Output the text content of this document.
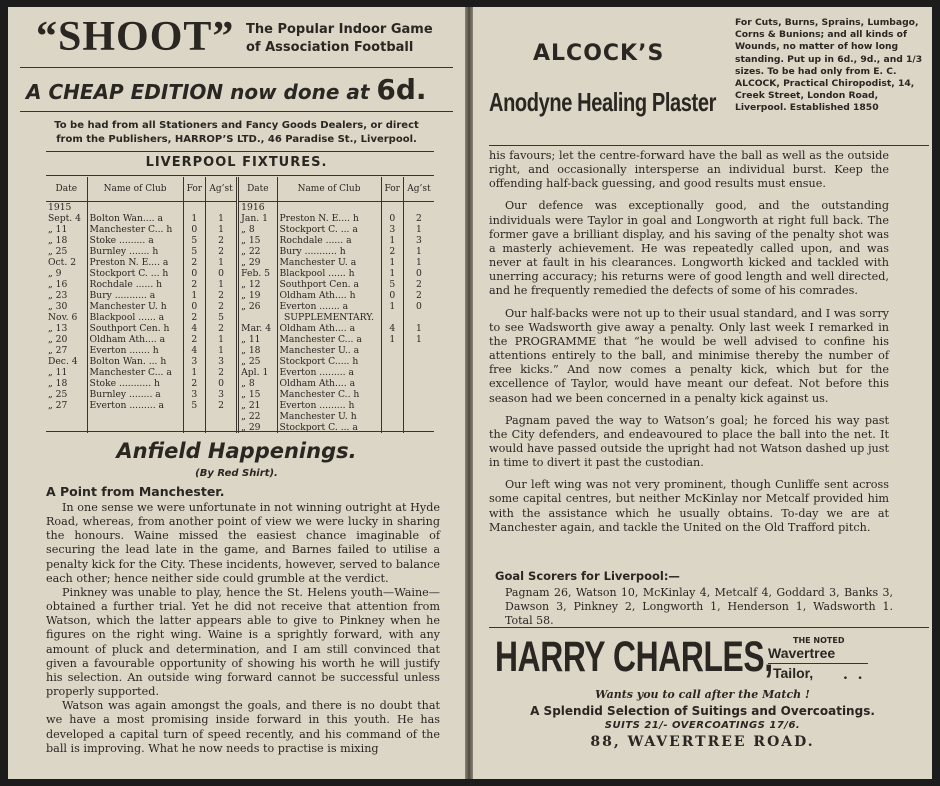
“SHOOT” The Popular Indoor Game
of Association Football
A CHEAP EDITION now done at 6d.
To be had from all Stationers and Fancy Goods Dealers, or direct
from the Publishers, HARROP’S LTD., 46 Paradise St., Liverpool.
LIVERPOOL FIXTURES.
Date	Name of Club	For	Ag’st	Date	Name of Club	For	Ag’st
1915				1916			
Sept. 4	Bolton Wan.... a	1	1	Jan. 1	Preston N. E.... h	0	2
„ 11	Manchester C... h	0	1	„ 8	Stockport C. ... a	3	1
„ 18	Stoke ......... a	5	2	„ 15	Rochdale ...... a	1	3
„ 25	Burnley ....... h	5	2	„ 22	Bury ........... h	2	1
Oct. 2	Preston N. E.... a	2	1	„ 29	Manchester U. a	1	1
„ 9	Stockport C. ... h	0	0	Feb. 5	Blackpool ...... h	1	0
„ 16	Rochdale ...... h	2	1	„ 12	Southport Cen. a	5	2
„ 23	Bury ........... a	1	2	„ 19	Oldham Ath.... h	0	2
„ 30	Manchester U. h	0	2	„ 26	Everton ....... a	1	0
Nov. 6	Blackpool ...... a	2	5		SUPPLEMENTARY.		
„ 13	Southport Cen. h	4	2	Mar. 4	Oldham Ath.... a	4	1
„ 20	Oldham Ath.... a	2	1	„ 11	Manchester C... a	1	1
„ 27	Everton ....... h	4	1	„ 18	Manchester U.. a		
Dec. 4	Bolton Wan. ... h	3	3	„ 25	Stockport C..... h		
„ 11	Manchester C... a	1	2	Apl. 1	Everton ......... a		
„ 18	Stoke ........... h	2	0	„ 8	Oldham Ath.... a		
„ 25	Burnley ........ a	3	3	„ 15	Manchester C.. h		
„ 27	Everton ......... a	5	2	„ 21	Everton ......... h		
				„ 22	Manchester U. h		
				„ 29	Stockport C. ... a		
Anfield Happenings.
(By Red Shirt).
A Point from Manchester.

In one sense we were unfortunate in not winning outright at Hyde Road, whereas, from another point of view we were lucky in sharing the honours. Waine missed the easiest chance imaginable of securing the lead late in the game, and Barnes failed to utilise a penalty kick for the City. These incidents, however, served to balance each other; hence neither side could grumble at the verdict.

Pinkney was unable to play, hence the St. Helens youth—Waine—obtained a further trial. Yet he did not receive that attention from Watson, which the latter appears able to give to Pinkney when he figures on the right wing. Waine is a sprightly forward, with any amount of pluck and determination, and I am still convinced that given a favourable opportunity of showing his worth he will justify his selection. An outside wing forward cannot be successful unless properly supported.

Watson was again amongst the goals, and there is no doubt that we have a most promising inside forward in this youth. He has developed a capital turn of speed recently, and his command of the ball is improving. What he now needs to practise is mixing

ALCOCK’S
Anodyne Healing Plaster
For Cuts, Burns, Sprains, Lumbago, Corns & Bunions; and all kinds of Wounds, no matter of how long standing. Put up in 6d., 9d., and 1/3 sizes. To be had only from E. C. ALCOCK, Practical Chiropodist, 14, Creek Street, London Road, Liverpool. Established 1850

his favours; let the centre-forward have the ball as well as the outside right, and occasionally intersperse an individual burst. Keep the offending half-back guessing, and good results must ensue.

Our defence was exceptionally good, and the outstanding individuals were Taylor in goal and Longworth at right full back. The former gave a brilliant display, and his saving of the penalty shot was a masterly achievement. He was repeatedly called upon, and was never at fault in his clearances. Longworth kicked and tackled with unerring accuracy; his returns were of good length and well directed, and he frequently remedied the defects of some of his comrades.

Our half-backs were not up to their usual standard, and I was sorry to see Wadsworth give away a penalty. Only last week I remarked in the PROGRAMME that “he would be well advised to confine his attentions entirely to the ball, and minimise thereby the number of free kicks.” And now comes a penalty kick, which but for the excellence of Taylor, would have meant our defeat. Not before this season had we been concerned in a penalty kick against us.

Pagnam paved the way to Watson’s goal; he forced his way past the City defenders, and endeavoured to place the ball into the net. It would have passed outside the upright had not Watson dashed up just in time to divert it past the custodian.

Our left wing was not very prominent, though Cunliffe sent across some capital centres, but neither McKinlay nor Metcalf provided him with the assistance which he usually obtains. To-day we are at Manchester again, and tackle the United on the Old Trafford pitch.

Goal Scorers for Liverpool:—
Pagnam 26, Watson 10, McKinlay 4, Metcalf 4, Goddard 3, Banks 3, Dawson 3, Pinkney 2, Longworth 1, Henderson 1, Wadsworth 1. Total 58.
HARRY CHARLES,	THE NOTED
Wavertree
Tailor, .  .
Wants you to call after the Match !
A Splendid Selection of Suitings and Overcoatings.
SUITS 21/- OVERCOATINGS 17/6.
88, WAVERTREE ROAD.
